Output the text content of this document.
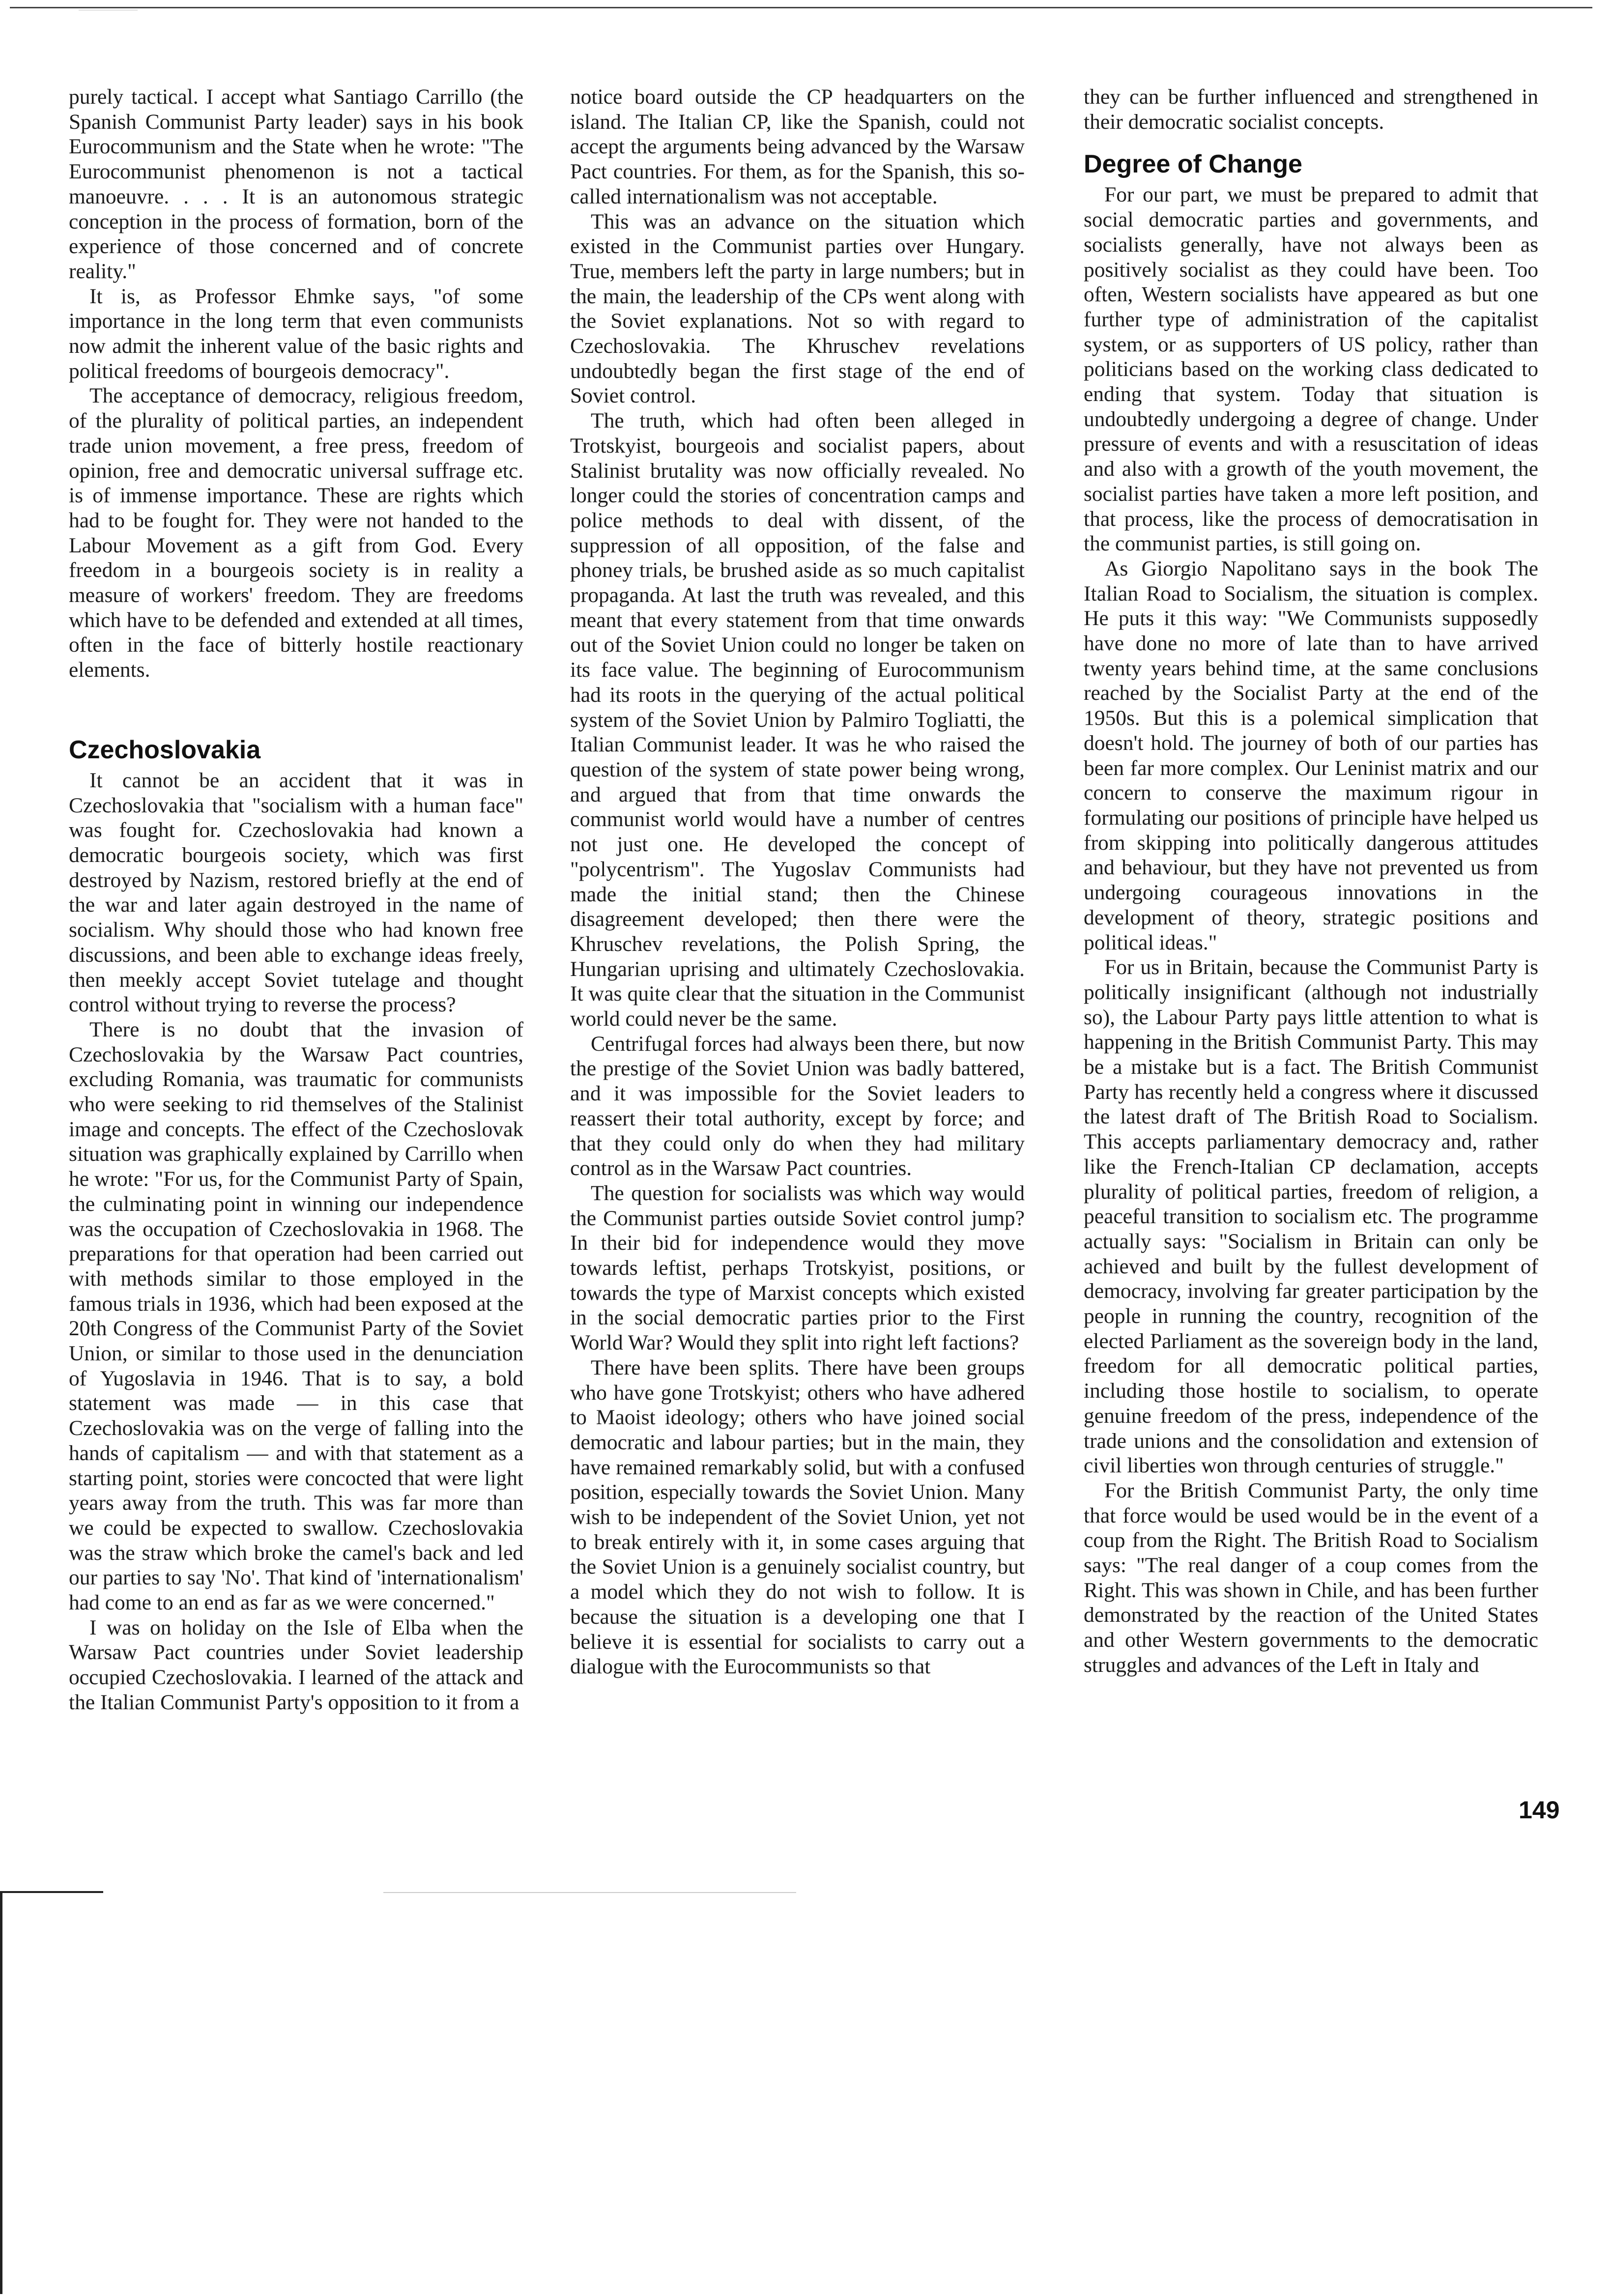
purely tactical. I accept what Santiago Carrillo (the Spanish Communist Party leader) says in his book Eurocommunism and the State when he wrote: "The Eurocommunist phenomenon is not a tactical manoeuvre. . . . It is an autonomous strategic conception in the process of formation, born of the experience of those concerned and of concrete reality."

It is, as Professor Ehmke says, "of some importance in the long term that even communists now admit the inherent value of the basic rights and political freedoms of bourgeois democracy".

The acceptance of democracy, religious freedom, of the plurality of political parties, an independent trade union movement, a free press, freedom of opinion, free and democratic universal suffrage etc. is of immense importance. These are rights which had to be fought for. They were not handed to the Labour Movement as a gift from God. Every freedom in a bourgeois society is in reality a measure of workers' freedom. They are freedoms which have to be defended and extended at all times, often in the face of bitterly hostile reactionary elements.

Czechoslovakia

It cannot be an accident that it was in Czechoslovakia that "socialism with a human face" was fought for. Czechoslovakia had known a democratic bourgeois society, which was first destroyed by Nazism, restored briefly at the end of the war and later again destroyed in the name of socialism. Why should those who had known free discussions, and been able to exchange ideas freely, then meekly accept Soviet tutelage and thought control without trying to reverse the process?

There is no doubt that the invasion of Czechoslovakia by the Warsaw Pact countries, excluding Romania, was traumatic for communists who were seeking to rid themselves of the Stalinist image and concepts. The effect of the Czechoslovak situation was graphically explained by Carrillo when he wrote: "For us, for the Communist Party of Spain, the culminating point in winning our independence was the occupation of Czechoslovakia in 1968. The preparations for that operation had been carried out with methods similar to those employed in the famous trials in 1936, which had been exposed at the 20th Congress of the Communist Party of the Soviet Union, or similar to those used in the denunciation of Yugoslavia in 1946. That is to say, a bold statement was made — in this case that Czechoslovakia was on the verge of falling into the hands of capitalism — and with that statement as a starting point, stories were concocted that were light years away from the truth. This was far more than we could be expected to swallow. Czechoslovakia was the straw which broke the camel's back and led our parties to say 'No'. That kind of 'internationalism' had come to an end as far as we were concerned."

I was on holiday on the Isle of Elba when the Warsaw Pact countries under Soviet leadership occupied Czechoslovakia. I learned of the attack and the Italian Communist Party's opposition to it from a

notice board outside the CP headquarters on the island. The Italian CP, like the Spanish, could not accept the arguments being advanced by the Warsaw Pact countries. For them, as for the Spanish, this so-called internationalism was not acceptable.

This was an advance on the situation which existed in the Communist parties over Hungary. True, members left the party in large numbers; but in the main, the leadership of the CPs went along with the Soviet explanations. Not so with regard to Czechoslovakia. The Khruschev revelations undoubtedly began the first stage of the end of Soviet control.

The truth, which had often been alleged in Trotskyist, bourgeois and socialist papers, about Stalinist brutality was now officially revealed. No longer could the stories of concentration camps and police methods to deal with dissent, of the suppression of all opposition, of the false and phoney trials, be brushed aside as so much capitalist propaganda. At last the truth was revealed, and this meant that every statement from that time onwards out of the Soviet Union could no longer be taken on its face value. The beginning of Eurocommunism had its roots in the querying of the actual political system of the Soviet Union by Palmiro Togliatti, the Italian Communist leader. It was he who raised the question of the system of state power being wrong, and argued that from that time onwards the communist world would have a number of centres not just one. He developed the concept of "polycentrism". The Yugoslav Communists had made the initial stand; then the Chinese disagreement developed; then there were the Khruschev revelations, the Polish Spring, the Hungarian uprising and ultimately Czechoslovakia. It was quite clear that the situation in the Communist world could never be the same.

Centrifugal forces had always been there, but now the prestige of the Soviet Union was badly battered, and it was impossible for the Soviet leaders to reassert their total authority, except by force; and that they could only do when they had military control as in the Warsaw Pact countries.

The question for socialists was which way would the Communist parties outside Soviet control jump? In their bid for independence would they move towards leftist, perhaps Trotskyist, positions, or towards the type of Marxist concepts which existed in the social democratic parties prior to the First World War? Would they split into right left factions?

There have been splits. There have been groups who have gone Trotskyist; others who have adhered to Maoist ideology; others who have joined social democratic and labour parties; but in the main, they have remained remarkably solid, but with a confused position, especially towards the Soviet Union. Many wish to be independent of the Soviet Union, yet not to break entirely with it, in some cases arguing that the Soviet Union is a genuinely socialist country, but a model which they do not wish to follow. It is because the situation is a developing one that I believe it is essential for socialists to carry out a dialogue with the Eurocommunists so that

they can be further influenced and strengthened in their democratic socialist concepts.

Degree of Change

For our part, we must be prepared to admit that social democratic parties and governments, and socialists generally, have not always been as positively socialist as they could have been. Too often, Western socialists have appeared as but one further type of administration of the capitalist system, or as supporters of US policy, rather than politicians based on the working class dedicated to ending that system. Today that situation is undoubtedly undergoing a degree of change. Under pressure of events and with a resuscitation of ideas and also with a growth of the youth movement, the socialist parties have taken a more left position, and that process, like the process of democratisation in the communist parties, is still going on.

As Giorgio Napolitano says in the book The Italian Road to Socialism, the situation is complex. He puts it this way: "We Communists supposedly have done no more of late than to have arrived twenty years behind time, at the same conclusions reached by the Socialist Party at the end of the 1950s. But this is a polemical simplication that doesn't hold. The journey of both of our parties has been far more complex. Our Leninist matrix and our concern to conserve the maximum rigour in formulating our positions of principle have helped us from skipping into politically dangerous attitudes and behaviour, but they have not prevented us from undergoing courageous innovations in the development of theory, strategic positions and political ideas."

For us in Britain, because the Communist Party is politically insignificant (although not industrially so), the Labour Party pays little attention to what is happening in the British Communist Party. This may be a mistake but is a fact. The British Communist Party has recently held a congress where it discussed the latest draft of The British Road to Socialism. This accepts parliamentary democracy and, rather like the French-Italian CP declamation, accepts plurality of political parties, freedom of religion, a peaceful transition to socialism etc. The programme actually says: "Socialism in Britain can only be achieved and built by the fullest development of democracy, involving far greater participation by the people in running the country, recognition of the elected Parliament as the sovereign body in the land, freedom for all democratic political parties, including those hostile to socialism, to operate genuine freedom of the press, independence of the trade unions and the consolidation and extension of civil liberties won through centuries of struggle."

For the British Communist Party, the only time that force would be used would be in the event of a coup from the Right. The British Road to Socialism says: "The real danger of a coup comes from the Right. This was shown in Chile, and has been further demonstrated by the reaction of the United States and other Western governments to the democratic struggles and advances of the Left in Italy and

149
